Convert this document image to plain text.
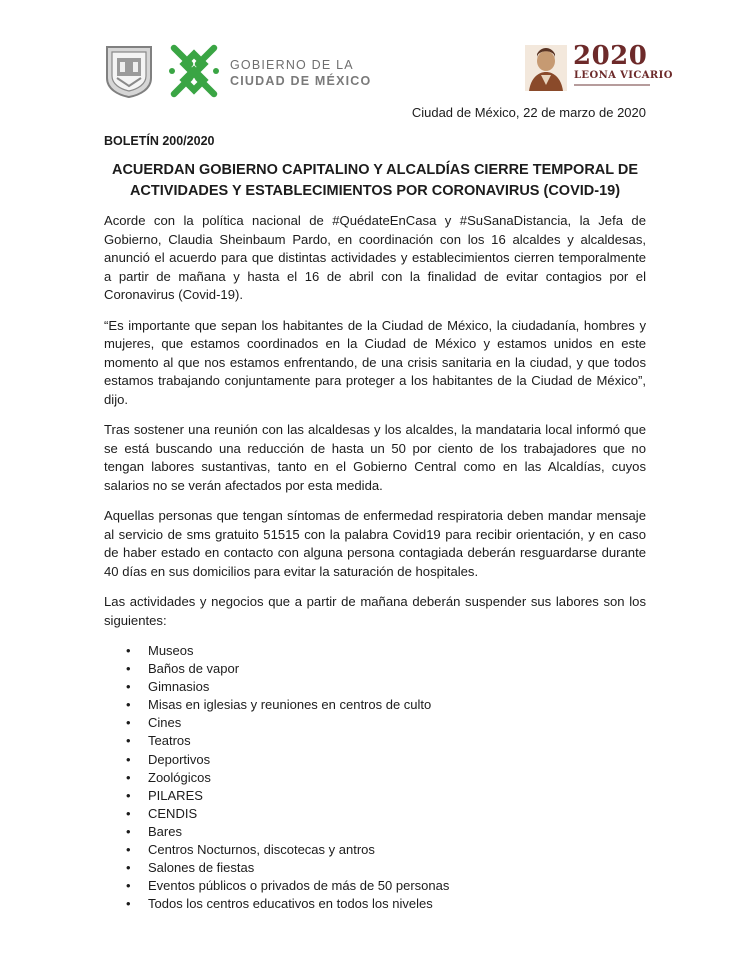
GOBIERNO DE LA
CIUDAD DE MÉXICO
2020
LEONA VICARIO
Ciudad de México, 22 de marzo de 2020
BOLETÍN 200/2020
ACUERDAN GOBIERNO CAPITALINO Y ALCALDÍAS CIERRE TEMPORAL DE
ACTIVIDADES Y ESTABLECIMIENTOS POR CORONAVIRUS (COVID-19)

Acorde con la política nacional de #QuédateEnCasa y #SuSanaDistancia, la Jefa de Gobierno, Claudia Sheinbaum Pardo, en coordinación con los 16 alcaldes y alcaldesas, anunció el acuerdo para que distintas actividades y establecimientos cierren temporalmente a partir de mañana y hasta el 16 de abril con la finalidad de evitar contagios por el Coronavirus (Covid-19).

“Es importante que sepan los habitantes de la Ciudad de México, la ciudadanía, hombres y mujeres, que estamos coordinados en la Ciudad de México y estamos unidos en este momento al que nos estamos enfrentando, de una crisis sanitaria en la ciudad, y que todos estamos trabajando conjuntamente para proteger a los habitantes de la Ciudad de México”, dijo.

Tras sostener una reunión con las alcaldesas y los alcaldes, la mandataria local informó que se está buscando una reducción de hasta un 50 por ciento de los trabajadores que no tengan labores sustantivas, tanto en el Gobierno Central como en las Alcaldías, cuyos salarios no se verán afectados por esta medida.

Aquellas personas que tengan síntomas de enfermedad respiratoria deben mandar mensaje al servicio de sms gratuito 51515 con la palabra Covid19 para recibir orientación, y en caso de haber estado en contacto con alguna persona contagiada deberán resguardarse durante 40 días en sus domicilios para evitar la saturación de hospitales.

Las actividades y negocios que a partir de mañana deberán suspender sus labores son los siguientes:

• Museos
• Baños de vapor
• Gimnasios
• Misas en iglesias y reuniones en centros de culto
• Cines
• Teatros
• Deportivos
• Zoológicos
• PILARES
• CENDIS
• Bares
• Centros Nocturnos, discotecas y antros
• Salones de fiestas
• Eventos públicos o privados de más de 50 personas
• Todos los centros educativos en todos los niveles
